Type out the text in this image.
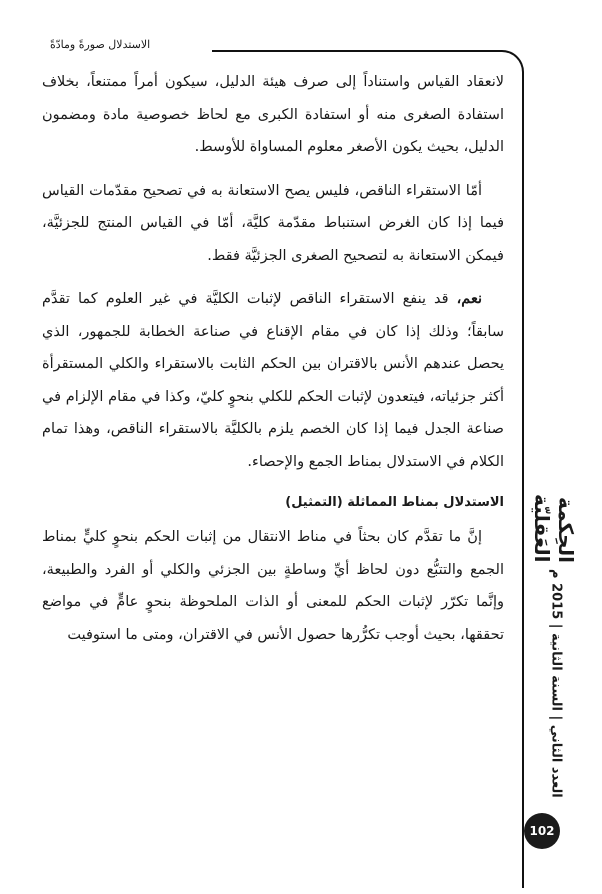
الاستدلال صورةً ومادّةً

لانعقاد القياس واستناداً إلى صرف هيئة الدليل، سيكون أمراً ممتنعاً، بخلاف استفادة الصغرى منه أو استفادة الكبرى مع لحاظ خصوصية مادة ومضمون الدليل، بحيث يكون الأصغر معلوم المساواة للأوسط.

أمّا الاستقراء الناقص، فليس يصح الاستعانة به في تصحيح مقدّمات القياس فيما إذا كان الغرض استنباط مقدّمة كليَّة، أمّا في القياس المنتج للجزئيَّة، فيمكن الاستعانة به لتصحيح الصغرى الجزئيَّة فقط.

نعم، قد ينفع الاستقراء الناقص لإثبات الكليَّة في غير العلوم كما تقدَّم سابقاً؛ وذلك إذا كان في مقام الإقناع في صناعة الخطابة للجمهور، الذي يحصل عندهم الأنس بالاقتران بين الحكم الثابت بالاستقراء والكلي المستقرأة أكثر جزئياته، فيتعدون لإثبات الحكم للكلي بنحوٍ كليّ، وكذا في مقام الإلزام في صناعة الجدل فيما إذا كان الخصم يلزم بالكليَّة بالاستقراء الناقص، وهذا تمام الكلام في الاستدلال بمناط الجمع والإحصاء.

الاستدلال بمناط المماثلة (التمثيل)

إنَّ ما تقدَّم كان بحثاً في مناط الانتقال من إثبات الحكم بنحوٍ كليٍّ بمناط الجمع والتتبُّع دون لحاظ أيِّ وساطةٍ بين الجزئي والكلي أو الفرد والطبيعة، وإنَّما تكرّر لإثبات الحكم للمعنى أو الذات الملحوظة بنحوٍ عامٍّ في مواضع تحققها، بحيث أوجب تكرُّرها حصول الأنس في الاقتران، ومتى ما استوفيت

الحِكمة العَقليّة
العدد الثاني | السنة الثانية | 2015 م
102
